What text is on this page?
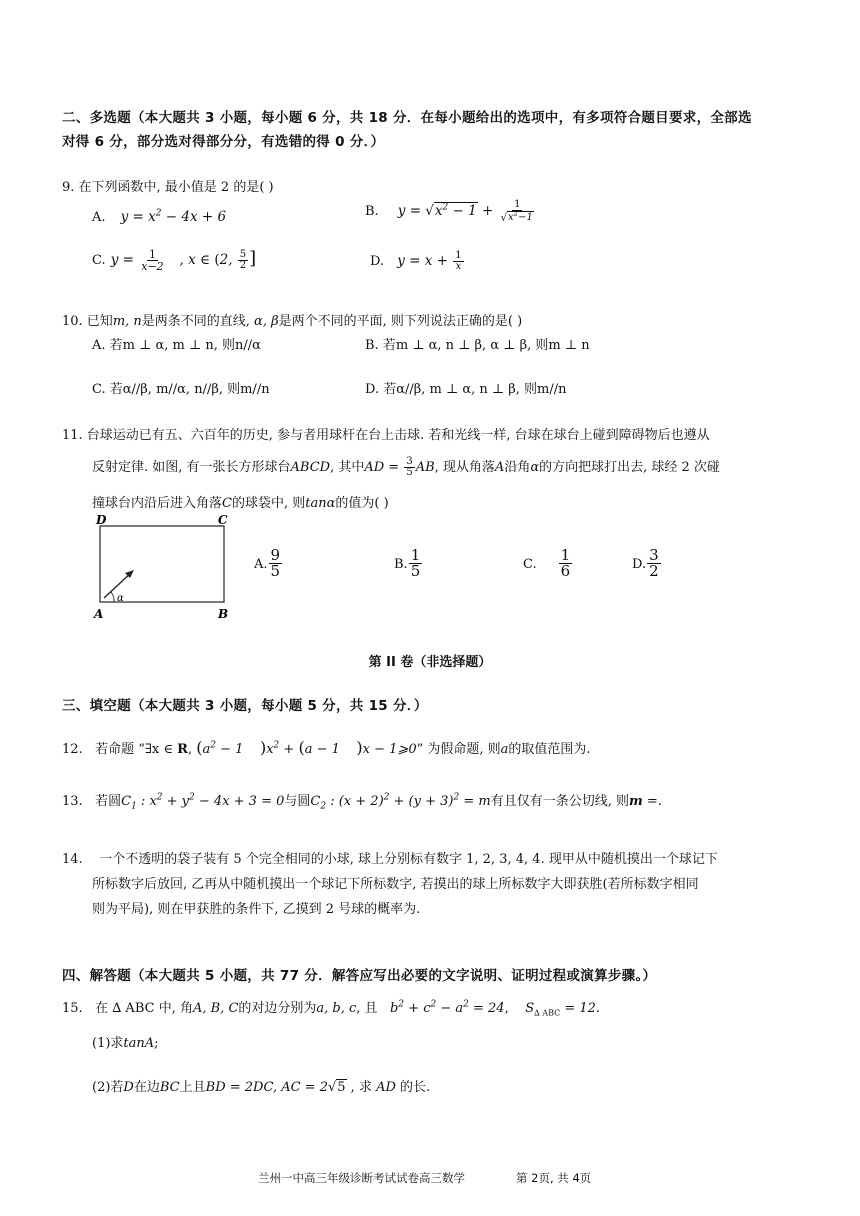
二、多选题（本大题共 3 小题，每小题 6 分，共 18 分．在每小题给出的选项中，有多项符合题目要求，全部选
对得 6 分，部分选对得部分分，有选错的得 0 分．）
9. 在下列函数中, 最小值是 2 的是( )
A. $y = x^2 - 4x + 6$	B. $y = √x^2 - 1 + \frac{1}{√x^2-1}$
C. $y = \frac{1}{x-2}$ , x ∈ (2, $\frac{5}{2}$ ]	D. $y = x + \frac{1}{x}$
10. 已知m, n是两条不同的直线, α, β是两个不同的平面, 则下列说法正确的是( )
A. 若m ⊥ α, m ⊥ n, 则n//α	B. 若m ⊥ α, n ⊥ β, α ⊥ β, 则m ⊥ n
C. 若α//β, m//α, n//β, 则m//n	D. 若α//β, m ⊥ α, n ⊥ β, 则m//n
11. 台球运动已有五、六百年的历史, 参与者用球杆在台上击球. 若和光线一样, 台球在球台上碰到障碍物后也遵从
反射定律. 如图, 有一张长方形球台ABCD, 其中AD = $\frac{3}{5}$ AB, 现从角落A沿角α的方向把球打出去, 球经 2 次碰
撞球台内沿后进入角落C的球袋中, 则tanα的值为( )
D	C
A	B
α
A. $\frac{9}{5}$	B. $\frac{1}{5}$	C. $\frac{1}{6}$	D. $\frac{3}{2}$
第 II 卷（非选择题）
三、填空题（本大题共 3 小题，每小题 5 分，共 15 分．）
12. 若命题 “∃x ∈ R, ($a^2 - 1$    )$x^2 + (a - 1$    )x − 1⩾0” 为假命题, 则a的取值范围为.
13. 若圆$C_1$ : $x^2 + y^2 - 4x + 3 = 0$与圆$C_2$ : $(x + 2)^2 + (y + 3)^2 = m$有且仅有一条公切线, 则m =.
14. 一个不透明的袋子装有 5 个完全相同的小球, 球上分别标有数字 1, 2, 3, 4, 4. 现甲从中随机摸出一个球记下
所标数字后放回, 乙再从中随机摸出一个球记下所标数字, 若摸出的球上所标数字大即获胜(若所标数字相同
则为平局), 则在甲获胜的条件下, 乙摸到 2 号球的概率为.
四、解答题（本大题共 5 小题，共 77 分．解答应写出必要的文字说明、证明过程或演算步骤。）
15. 在 ∆ ABC 中, 角A, B, C的对边分别为a, b, c, 且 $b^2 + c^2 - a^2 = 24$, $S_{\Delta ABC} = 12$.
(1)求tanA;
(2)若D在边BC上且BD = 2DC, AC = 2√5 , 求 AD 的长.
兰州一中高三年级诊断考试试卷高三数学	第 2页, 共 4页
